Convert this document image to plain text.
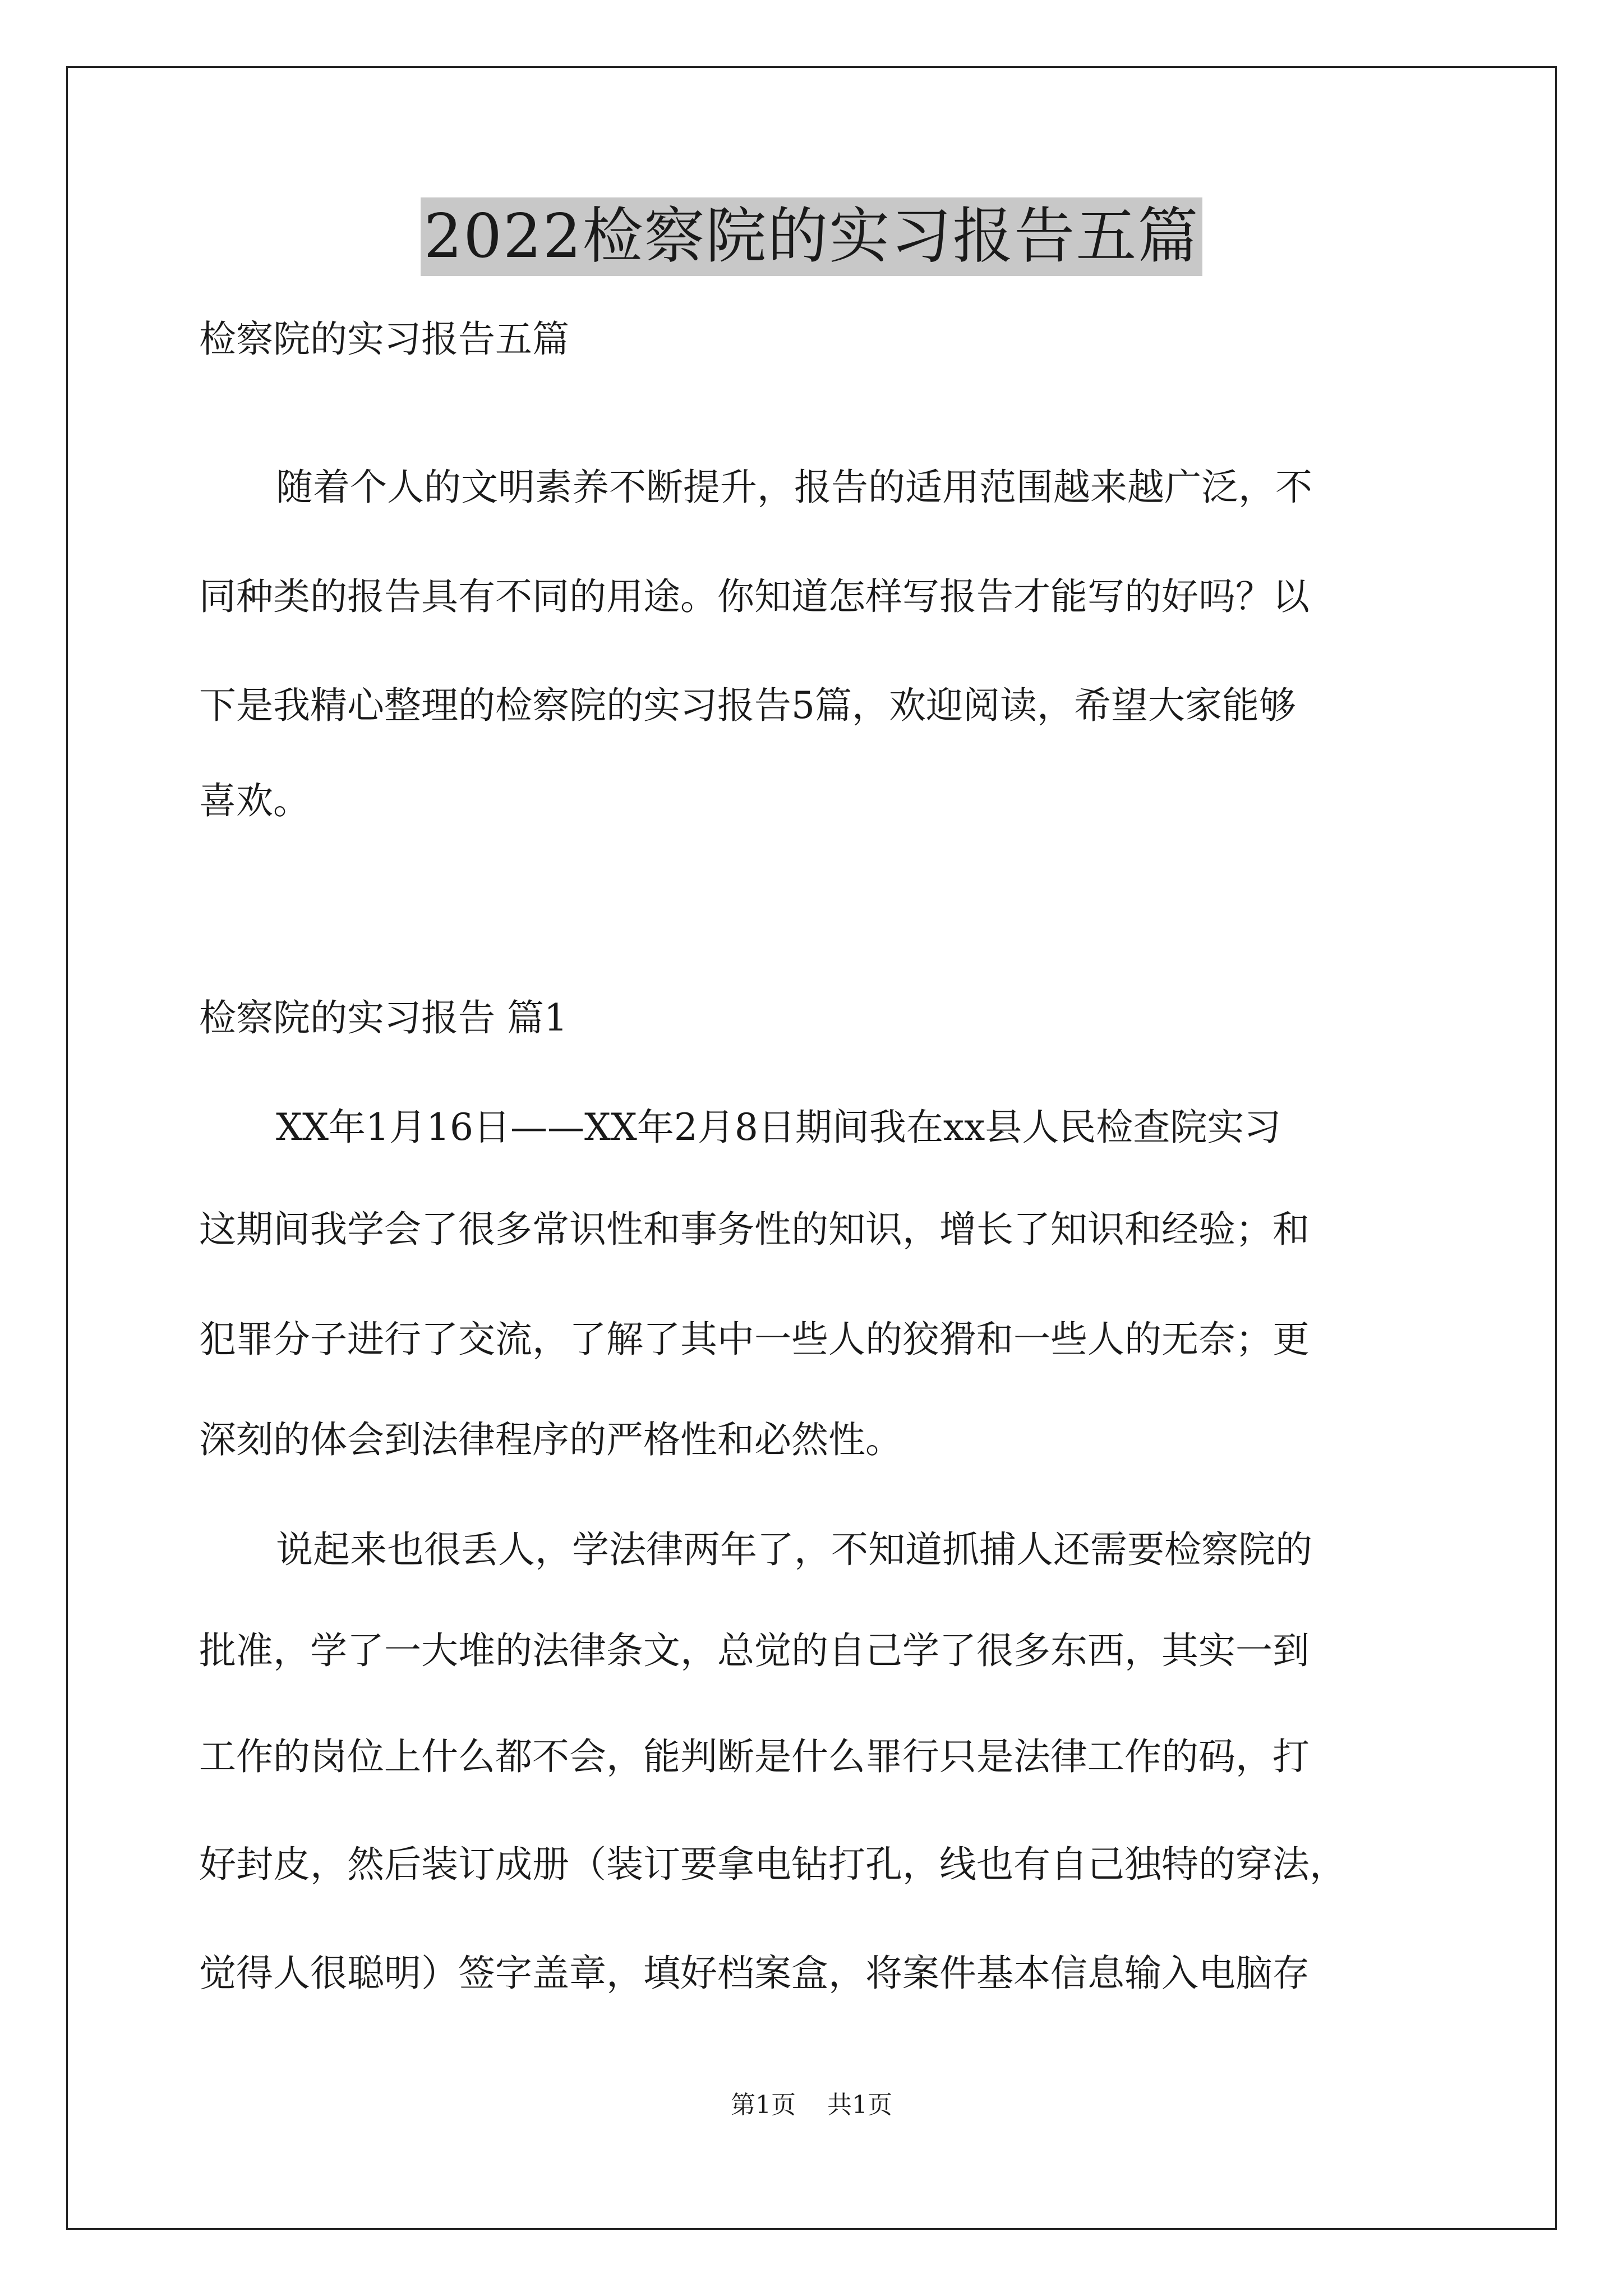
2022检察院的实习报告五篇
检察院的实习报告五篇
随着个人的文明素养不断提升，报告的适用范围越来越广泛，不
同种类的报告具有不同的用途。你知道怎样写报告才能写的好吗？以
下是我精心整理的检察院的实习报告5篇，欢迎阅读，希望大家能够
喜欢。
检察院的实习报告 篇1
XX年1月16日——XX年2月8日期间我在xx县人民检查院实习
这期间我学会了很多常识性和事务性的知识，增长了知识和经验；和
犯罪分子进行了交流，了解了其中一些人的狡猾和一些人的无奈；更
深刻的体会到法律程序的严格性和必然性。
说起来也很丢人，学法律两年了，不知道抓捕人还需要检察院的
批准，学了一大堆的法律条文，总觉的自己学了很多东西，其实一到
工作的岗位上什么都不会，能判断是什么罪行只是法律工作的码，打
好封皮，然后装订成册（装订要拿电钻打孔，线也有自己独特的穿法，
觉得人很聪明）签字盖章，填好档案盒，将案件基本信息输入电脑存
第1页 共1页
